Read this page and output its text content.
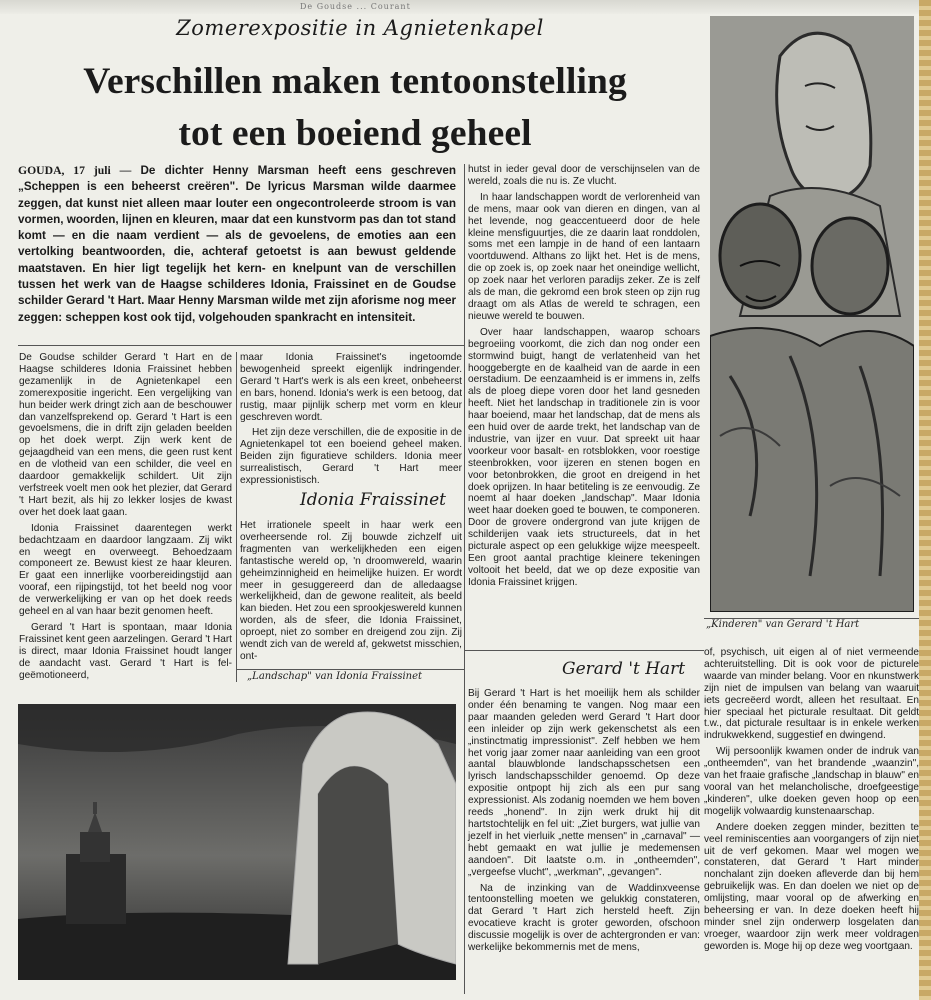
De Goudse ... Courant
Zomerexpositie in Agnietenkapel
Verschillen maken tentoonstelling
tot een boeiend geheel
GOUDA, 17 juli — De dichter Henny Marsman heeft eens geschreven „Scheppen is een beheerst creëren". De lyricus Marsman wilde daarmee zeggen, dat kunst niet alleen maar louter een ongecontroleerde stroom is van vormen, woorden, lijnen en kleuren, maar dat een kunstvorm pas dan tot stand komt — en die naam verdient — als de gevoelens, de emoties aan een vertolking beantwoorden, die, achteraf getoetst is aan bewust geldende maatstaven. En hier ligt tegelijk het kern- en knelpunt van de verschillen tussen het werk van de Haagse schilderes Idonia, Fraissinet en de Goudse schilder Gerard 't Hart. Maar Henny Marsman wilde met zijn aforisme nog meer zeggen: scheppen kost ook tijd, volgehouden spankracht en intensiteit.

De Goudse schilder Gerard 't Hart en de Haagse schilderes Idonia Fraissinet hebben gezamenlijk in de Agnietenkapel een zomerexpositie ingericht. Een vergelijking van hun beider werk dringt zich aan de beschouwer dan vanzelfsprekend op. Gerard 't Hart is een gevoelsmens, die in drift zijn geladen beelden op het doek werpt. Zijn werk kent de gejaagdheid van een mens, die geen rust kent en de vlotheid van een schilder, die veel en daardoor gemakkelijk schildert. Uit zijn verfstreek voelt men ook het plezier, dat Gerard 't Hart bezit, als hij zo lekker losjes de kwast over het doek laat gaan.

Idonia Fraissinet daarentegen werkt bedachtzaam en daardoor langzaam. Zij wikt en weegt en overweegt. Behoedzaam componeert ze. Bewust kiest ze haar kleuren. Er gaat een innerlijke voorbereidingstijd aan vooraf, een rijpingstijd, tot het beeld nog voor de verwerkelijking er van op het doek reeds geheel en al van haar bezit genomen heeft.

Gerard 't Hart is spontaan, maar Idonia Fraissinet kent geen aarzelingen. Gerard 't Hart is direct, maar Idonia Fraissinet houdt langer de aandacht vast. Gerard 't Hart is fel-geëmotioneerd,

maar Idonia Fraissinet's ingetoomde bewogenheid spreekt eigenlijk indringender. Gerard 't Hart's werk is als een kreet, onbeheerst en bars, honend. Idonia's werk is een betoog, dat rustig, maar pijnlijk scherp met vorm en kleur geschreven wordt.

Het zijn deze verschillen, die de expositie in de Agnietenkapel tot een boeiend geheel maken. Beiden zijn figuratieve schilders. Idonia meer surrealistisch, Gerard 't Hart meer expressionistisch.

Idonia Fraissinet

Het irrationele speelt in haar werk een overheersende rol. Zij bouwde zichzelf uit fragmenten van werkelijkheden een eigen fantastische wereld op, 'n droomwereld, waarin geheimzinnigheid en heimelijke huizen. Er wordt meer in gesuggereerd dan de alledaagse werkelijkheid, dan de gewone realiteit, als beeld kan bieden. Het zou een sprookjeswereld kunnen worden, als de sfeer, die Idonia Fraissinet, oproept, niet zo somber en dreigend zou zijn. Zij wendt zich van de wereld af, gekwetst misschien, ont-

„Landschap" van Idonia Fraissinet

hutst in ieder geval door de verschijnselen van de wereld, zoals die nu is. Ze vlucht.

In haar landschappen wordt de verlorenheid van de mens, maar ook van dieren en dingen, van al het levende, nog geaccentueerd door de hele kleine mensfiguurtjes, die ze daarin laat ronddolen, soms met een lampje in de hand of een lantaarn voortduwend. Althans zo lijkt het. Het is de mens, die op zoek is, op zoek naar het oneindige wellicht, op zoek naar het verloren paradijs zeker. Ze is zelf als de man, die gekromd een brok steen op zijn rug draagt om als Atlas de wereld te schragen, een nieuwe wereld te bouwen.

Over haar landschappen, waarop schoars begroeiing voorkomt, die zich dan nog onder een stormwind buigt, hangt de verlatenheid van het hooggebergte en de kaalheid van de aarde in een oerstadium. De eenzaamheid is er immens in, zelfs als de ploeg diepe voren door het land gesneden heeft. Niet het landschap in traditionele zin is voor haar boeiend, maar het landschap, dat de mens als een huid over de aarde trekt, het landschap van de industrie, van ijzer en vuur. Dat spreekt uit haar voorkeur voor basalt- en rotsblokken, voor roestige steenbrokken, voor ijzeren en stenen bogen en voor betonbrokken, die groot en dreigend in het doek oprijzen. In haar betiteling is ze eenvoudig. Ze noemt al haar doeken „landschap". Maar Idonia weet haar doeken goed te bouwen, te componeren. Door de grovere ondergrond van jute krijgen de schilderijen vaak iets structureels, dat in het picturale aspect op een gelukkige wijze meespeelt. Een groot aantal prachtige kleinere tekeningen voltooit het beeld, dat we op deze expositie van Idonia Fraissinet krijgen.

Gerard 't Hart

Bij Gerard 't Hart is het moeilijk hem als schilder onder één benaming te vangen. Nog maar een paar maanden geleden werd Gerard 't Hart door een inleider op zijn werk gekenschetst als een „instinctmatig impressionist". Zelf hebben we hem het vorig jaar zomer naar aanleiding van een groot aantal blauwblonde landschapsschetsen een lyrisch landschapsschilder genoemd. Op deze expositie ontpopt hij zich als een pur sang expressionist. Als zodanig noemden we hem boven reeds „honend". In zijn werk drukt hij dit hartstochtelijk en fel uit: „Ziet burgers, wat jullie van jezelf in het vierluik „nette mensen" in „carnaval" — hebt gemaakt en wat jullie je medemensen aandoen". Dit laatste o.m. in „ontheemden", „vergeefse vlucht", „werkman", „gevangen".

Na de inzinking van de Waddinxveense tentoonstelling moeten we gelukkig constateren, dat Gerard 't Hart zich hersteld heeft. Zijn evocatieve kracht is groter geworden, ofschoon discussie mogelijk is over de achtergronden er van: werkelijke bekommernis met de mens,

of, psychisch, uit eigen al of niet vermeende achteruitstelling. Dit is ook voor de picturele waarde van minder belang. Voor en nkunstwerk zijn niet de impulsen van belang van waaruit iets gecreëerd wordt, alleen het resultaat. En hier speciaal het picturale resultaat. Dit geldt t.w., dat picturale resultaar is in enkele werken indrukwekkend, suggestief en dwingend.

Wij persoonlijk kwamen onder de indruk van „ontheemden", van het brandende „waanzin", van het fraaie grafische „landschap in blauw" en vooral van het melancholische, droefgeestige „kinderen", ulke doeken geven hoop op een mogelijk volwaardig kunstenaarschap.

Andere doeken zeggen minder, bezitten te veel reminiscenties aan voorgangers of zijn niet uit de verf gekomen. Maar wel mogen we constateren, dat Gerard 't Hart minder nonchalant zijn doeken afleverde dan bij hem gebruikelijk was. En dan doelen we niet op de omlijsting, maar vooral op de afwerking en beheersing er van. In deze doeken heeft hij minder snel zijn onderwerp losgelaten dan vroeger, waardoor zijn werk meer voldragen geworden is. Moge hij op deze weg voortgaan.

„Kinderen" van Gerard 't Hart
